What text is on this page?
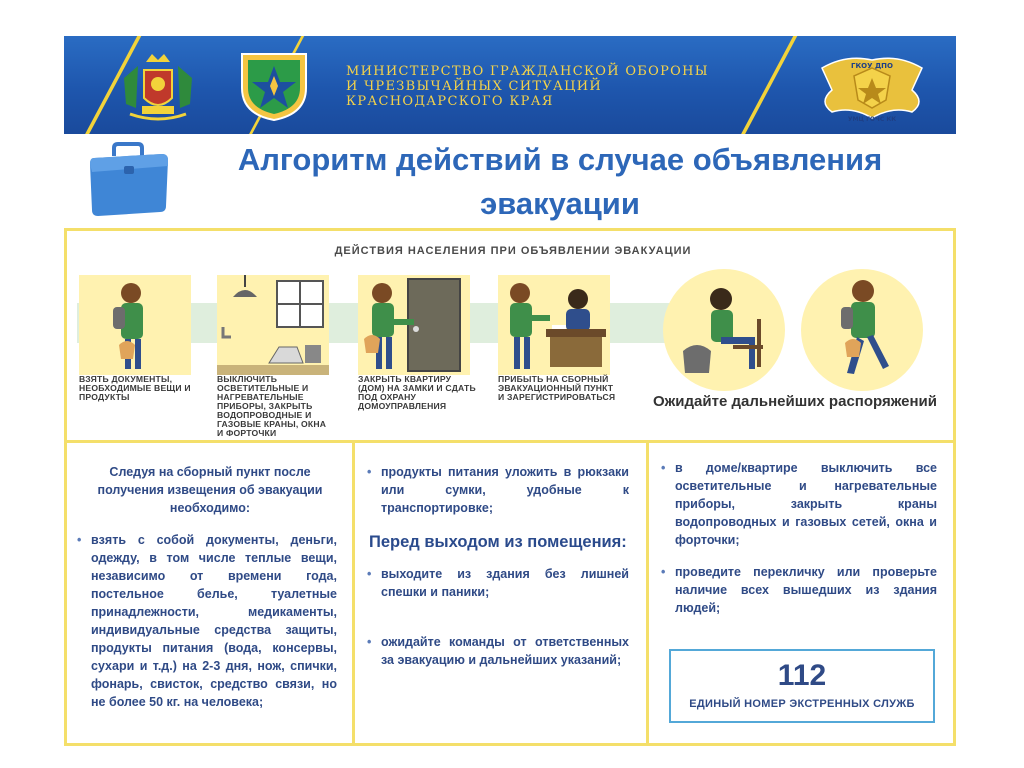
МИНИСТЕРСТВО ГРАЖДАНСКОЙ ОБОРОНЫ
И ЧРЕЗВЫЧАЙНЫХ СИТУАЦИЙ
КРАСНОДАРСКОГО КРАЯ
ГКОУ ДПО
УМЦ ГОЧС КК
Алгоритм действий в случае объявления
эвакуации
ДЕЙСТВИЯ НАСЕЛЕНИЯ ПРИ ОБЪЯВЛЕНИИ ЭВАКУАЦИИ
ВЗЯТЬ ДОКУМЕНТЫ, НЕОБХОДИМЫЕ ВЕЩИ И ПРОДУКТЫ
ВЫКЛЮЧИТЬ ОСВЕТИТЕЛЬНЫЕ И НАГРЕВАТЕЛЬНЫЕ ПРИБОРЫ, ЗАКРЫТЬ ВОДОПРОВОДНЫЕ И ГАЗОВЫЕ КРАНЫ, ОКНА И ФОРТОЧКИ
ЗАКРЫТЬ КВАРТИРУ (ДОМ) НА ЗАМКИ И СДАТЬ ПОД ОХРАНУ ДОМОУПРАВЛЕНИЯ
ПРИБЫТЬ НА СБОРНЫЙ ЭВАКУАЦИОННЫЙ ПУНКТ И ЗАРЕГИСТРИРОВАТЬСЯ	Ожидайте дальнейших распоряжений
Следуя на сборный пункт после получения извещения об эвакуации необходимо:
• взять с собой документы, деньги, одежду, в том числе теплые вещи, независимо от времени года, постельное белье, туалетные принадлежности, медикаменты, индивидуальные средства защиты, продукты питания (вода, консервы, сухари и т.д.) на 2-3 дня, нож, спички, фонарь, свисток, средство связи, но не более 50 кг. на человека;
• продукты питания уложить в рюкзаки или сумки, удобные к транспортировке;
Перед выходом из помещения:
• выходите из здания без лишней спешки и паники;
• ожидайте команды от ответственных за эвакуацию и дальнейших указаний;
• в доме/квартире выключить все осветительные и нагревательные приборы, закрыть краны водопроводных и газовых сетей, окна и форточки;
• проведите перекличку или проверьте наличие всех вышедших из здания людей;
112
ЕДИНЫЙ НОМЕР ЭКСТРЕННЫХ СЛУЖБ
